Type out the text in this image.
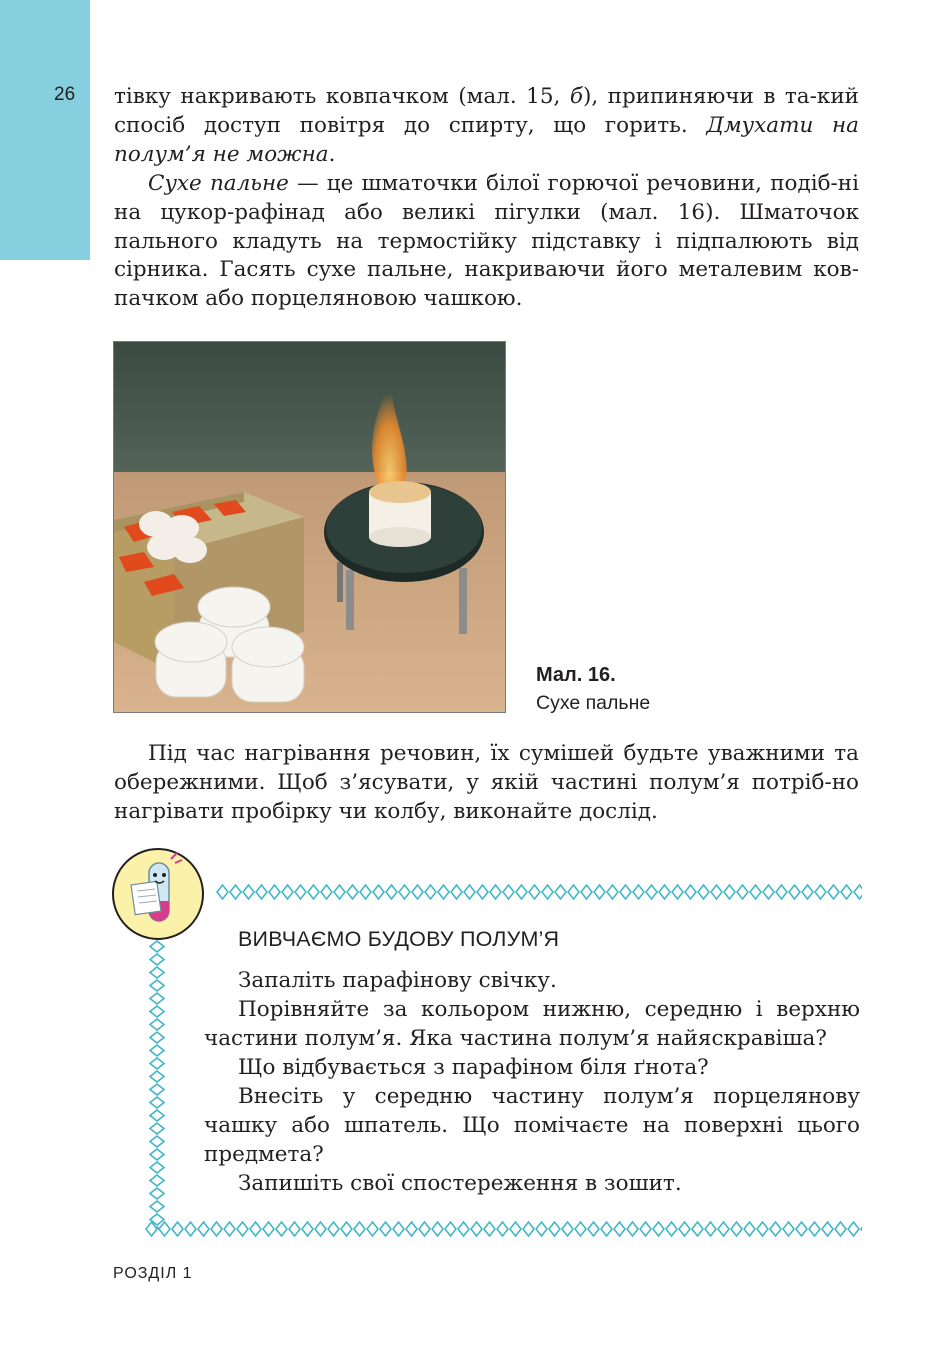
26 тівку накривають ковпачком (мал. 15, б), припиняючи в та-кий спосіб доступ повітря до спирту, що горить. Дмухати на полум’я не можна.

Сухе пальне — це шматочки білої горючої речовини, подіб-ні на цукор-рафінад або великі пігулки (мал. 16). Шматочок пального кладуть на термостійку підставку і підпалюють від сірника. Гасять сухе пальне, накриваючи його металевим ков-пачком або порцеляновою чашкою.

Мал. 16.
Сухе пальне

Під час нагрівання речовин, їх сумішей будьте уважними та обережними. Щоб з’ясувати, у якій частині полум’я потріб-но нагрівати пробірку чи колбу, виконайте дослід.

ВИВЧАЄМО БУДОВУ ПОЛУМ’Я

Запаліть парафінову свічку.

Порівняйте за кольором нижню, середню і верхню частини полум’я. Яка частина полум’я найяскравіша?

Що відбувається з парафіном біля ґнота?

Внесіть у середню частину полум’я порцелянову чашку або шпатель. Що помічаєте на поверхні цього предмета?

Запишіть свої спостереження в зошит.

РОЗДІЛ 1
